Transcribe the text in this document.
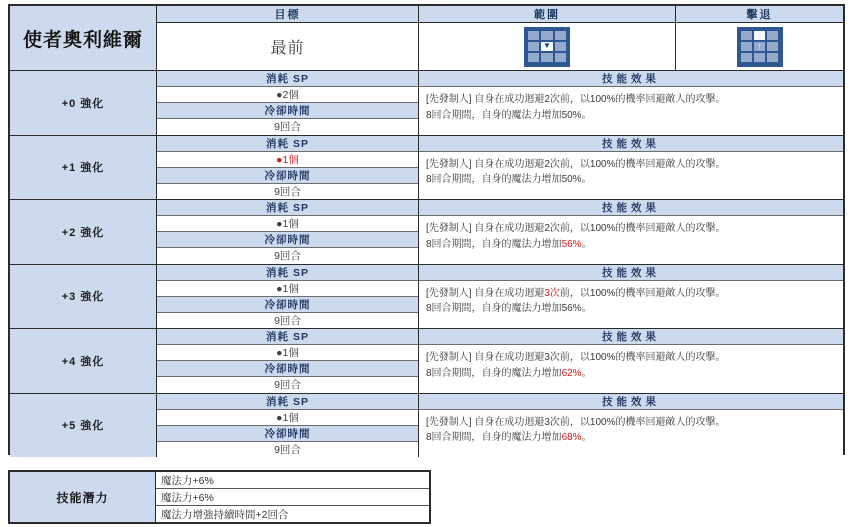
使者奧利維爾
目標
最前
範圍
▼
擊退
↑
+0 強化
消耗 SP
●2個
冷卻時間
9回合
技能效果
[先發制人] 自身在成功迴避2次前，以100%的機率回避敵人的攻擊。
8回合期間，自身的魔法力增加50%。
+1 強化
消耗 SP
●1個
冷卻時間
9回合
技能效果
[先發制人] 自身在成功迴避2次前，以100%的機率回避敵人的攻擊。
8回合期間，自身的魔法力增加50%。
+2 強化
消耗 SP
●1個
冷卻時間
9回合
技能效果
[先發制人] 自身在成功迴避2次前，以100%的機率回避敵人的攻擊。
8回合期間，自身的魔法力增加56%。
+3 強化
消耗 SP
●1個
冷卻時間
9回合
技能效果
[先發制人] 自身在成功迴避3次前，以100%的機率回避敵人的攻擊。
8回合期間，自身的魔法力增加56%。
+4 強化
消耗 SP
●1個
冷卻時間
9回合
技能效果
[先發制人] 自身在成功迴避3次前，以100%的機率回避敵人的攻擊。
8回合期間，自身的魔法力增加62%。
+5 強化
消耗 SP
●1個
冷卻時間
9回合
技能效果
[先發制人] 自身在成功迴避3次前，以100%的機率回避敵人的攻擊。
8回合期間，自身的魔法力增加68%。
技能潛力
魔法力+6%
魔法力+6%
魔法力增強持續時間+2回合
